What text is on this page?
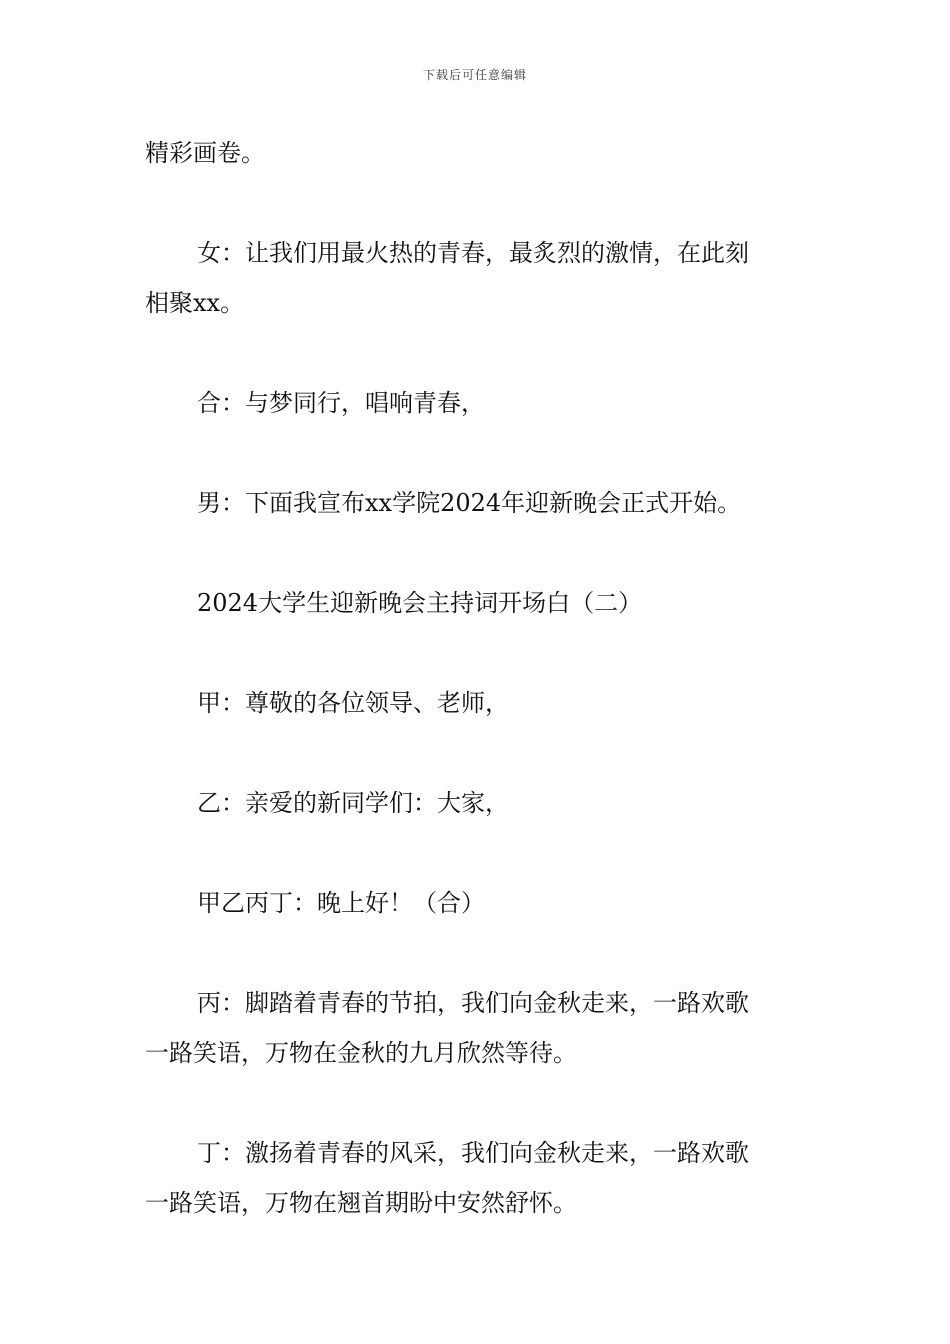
下载后可任意编辑

精彩画卷。

女：让我们用最火热的青春，最炙烈的激情，在此刻

相聚xx。

合：与梦同行，唱响青春，

男：下面我宣布xx学院2024年迎新晚会正式开始。

2024大学生迎新晚会主持词开场白（二）

甲：尊敬的各位领导、老师，

乙：亲爱的新同学们：大家，

甲乙丙丁：晚上好！（合）

丙：脚踏着青春的节拍，我们向金秋走来，一路欢歌

一路笑语，万物在金秋的九月欣然等待。

丁：激扬着青春的风采，我们向金秋走来，一路欢歌

一路笑语，万物在翘首期盼中安然舒怀。
